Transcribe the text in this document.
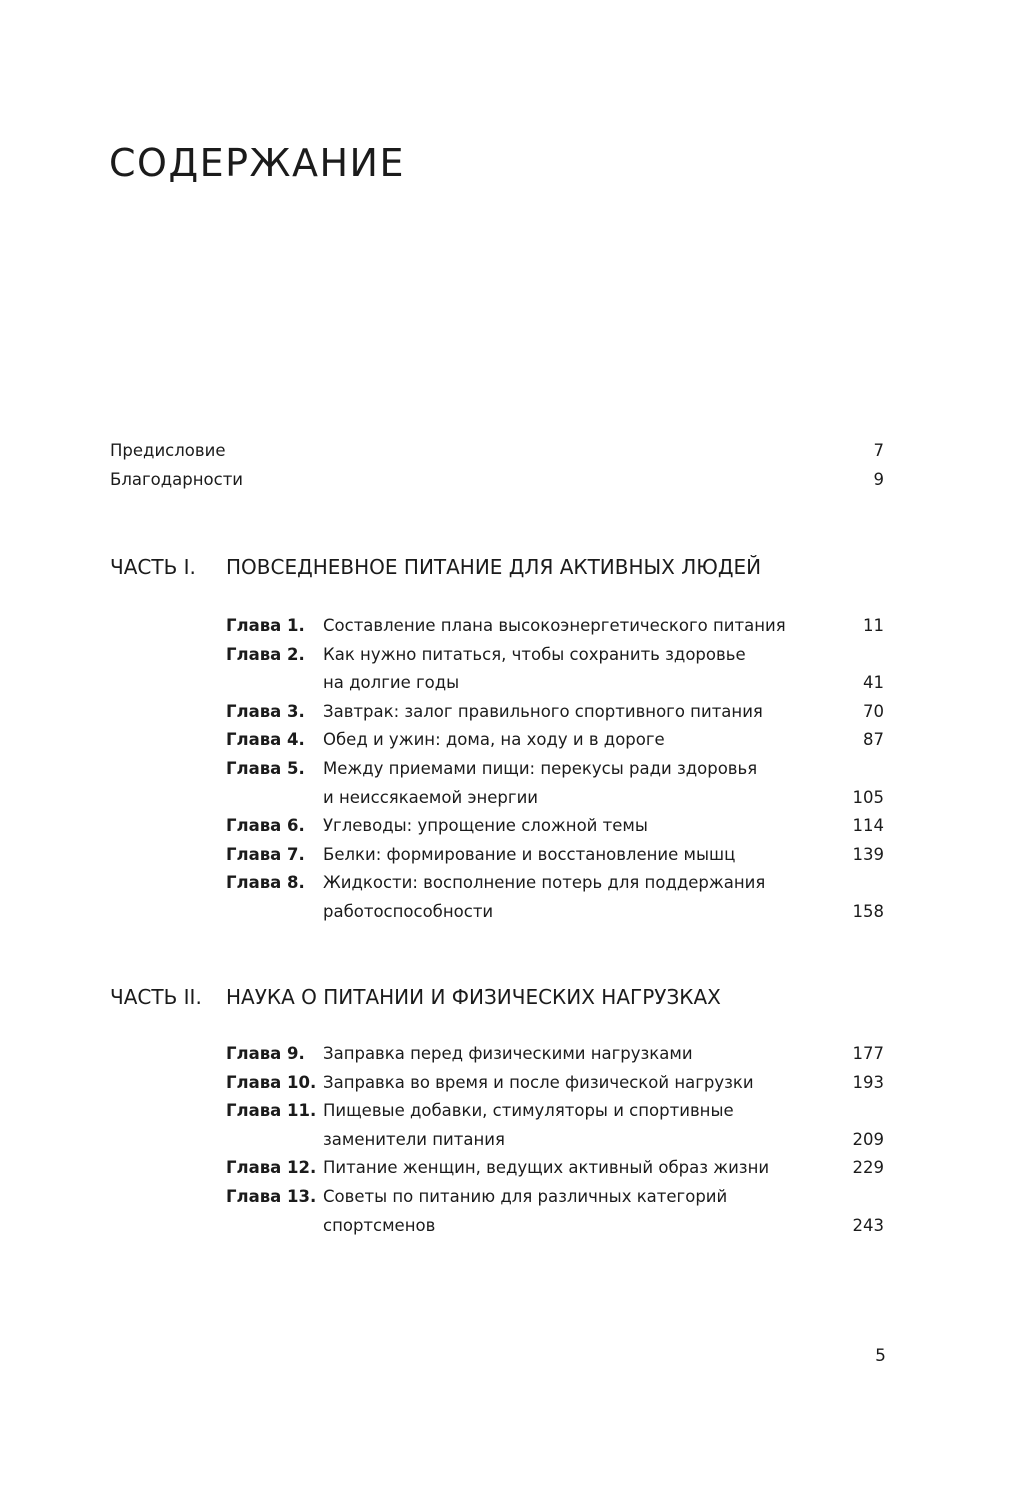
СОДЕРЖАНИЕ
Предисловие	7
Благодарности	9
ЧАСТЬ I.	ПОВСЕДНЕВНОЕ ПИТАНИЕ ДЛЯ АКТИВНЫХ ЛЮДЕЙ
Глава 1.	Составление плана высокоэнергетического питания	11
Глава 2.	Как нужно питаться, чтобы сохранить здоровье
на долгие годы	41
Глава 3.	Завтрак: залог правильного спортивного питания	70
Глава 4.	Обед и ужин: дома, на ходу и в дороге	87
Глава 5.	Между приемами пищи: перекусы ради здоровья
и неиссякаемой энергии	105
Глава 6.	Углеводы: упрощение сложной темы	114
Глава 7.	Белки: формирование и восстановление мышц	139
Глава 8.	Жидкости: восполнение потерь для поддержания
работоспособности	158
ЧАСТЬ II.	НАУКА О ПИТАНИИ И ФИЗИЧЕСКИХ НАГРУЗКАХ
Глава 9.	Заправка перед физическими нагрузками	177
Глава 10. Заправка во время и после физической нагрузки	193
Глава 11. Пищевые добавки, стимуляторы и спортивные
заменители питания	209
Глава 12. Питание женщин, ведущих активный образ жизни	229
Глава 13. Советы по питанию для различных категорий
спортсменов	243
5
